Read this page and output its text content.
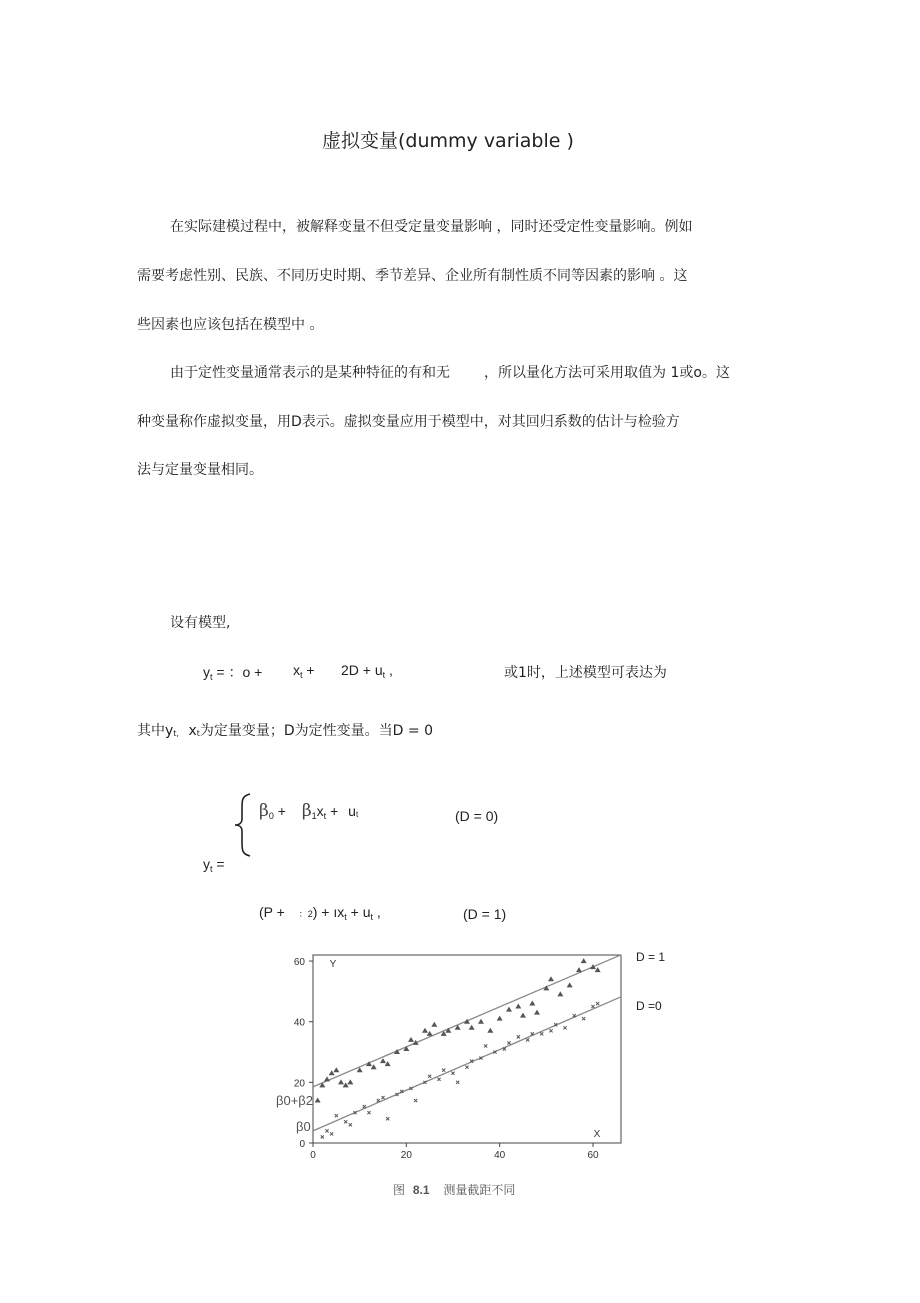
虚拟变量(dummy variable )
在实际建模过程中，被解释变量不但受定量变量影响 ，同时还受定性变量影响。例如
需要考虑性别、民族、不同历史时期、季节差异、企业所有制性质不同等因素的影响 。这
些因素也应该包括在模型中 。
由于定性变量通常表示的是某种特征的有和无 ，所以量化方法可采用取值为 1或o。这
种变量称作虚拟变量，用D表示。虚拟变量应用于模型中，对其回归系数的估计与检验方
法与定量变量相同。
设有模型,
$y_t$ = ：$o + x_t + 2D + u_t$ ,	或1时，上述模型可表达为
其中yt, xt为定量变量；D为定性变量。当D = 0
$\beta_0 + \beta_1x_t$ + ut	(D = 0)
$y_t$ =
(P + ：$2) + ıx_t + u_t$ ,	(D = 1)
0	20	40	60
0
20
40
60 Y
X
D = 1
D =0
β0+β2
β0
图 8.1 测量截距不同
